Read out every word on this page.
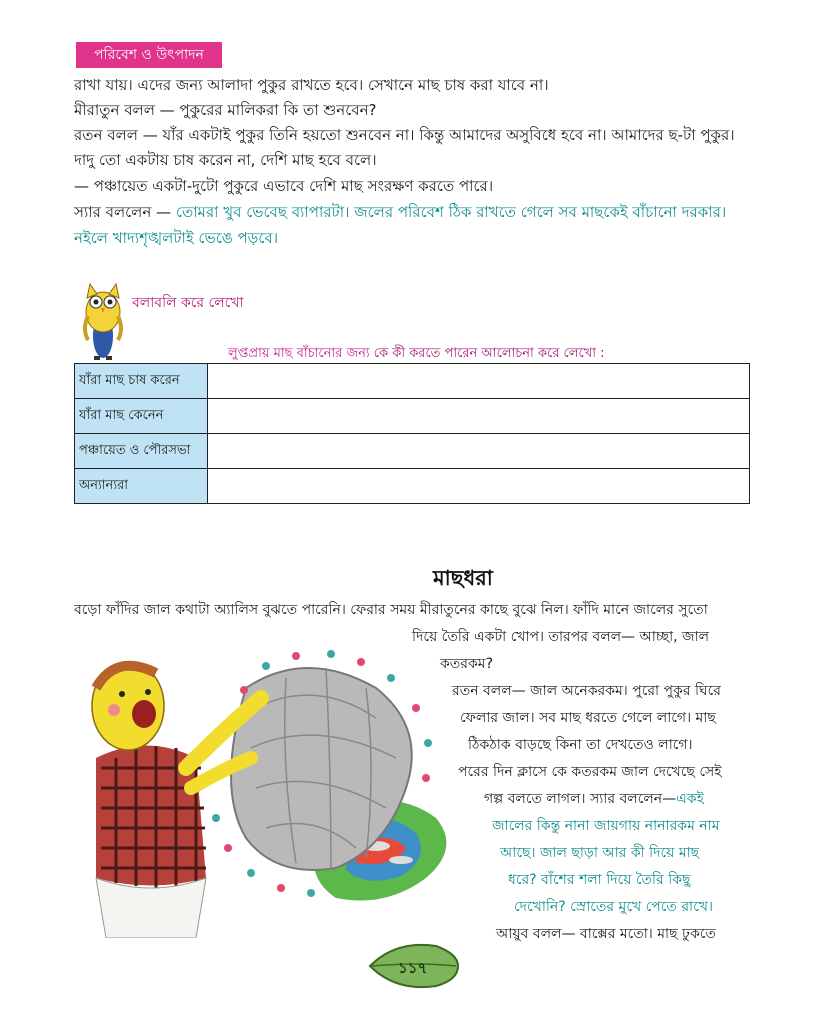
পরিবেশ ও উৎপাদন
রাখা যায়। এদের জন্য আলাদা পুকুর রাখতে হবে। সেখানে মাছ চাষ করা যাবে না।
মীরাতুন বলল — পুকুরের মালিকরা কি তা শুনবেন?
রতন বলল — যাঁর একটাই পুকুর তিনি হয়তো শুনবেন না। কিন্তু আমাদের অসুবিধে হবে না। আমাদের ছ-টা পুকুর।
দাদু তো একটায় চাষ করেন না, দেশি মাছ হবে বলে।
— পঞ্চায়েত একটা-দুটো পুকুরে এভাবে দেশি মাছ সংরক্ষণ করতে পারে।
স্যার বললেন — তোমরা খুব ভেবেছ ব্যাপারটা। জলের পরিবেশ ঠিক রাখতে গেলে সব মাছকেই বাঁচানো দরকার।
নইলে খাদ্যশৃঙ্খলটাই ভেঙে পড়বে।
বলাবলি করে লেখো
লুপ্তপ্রায় মাছ বাঁচানোর জন্য কে কী করতে পারেন আলোচনা করে লেখো :
যাঁরা মাছ চাষ করেন	
যাঁরা মাছ কেনেন	
পঞ্চায়েত ও পৌরসভা	
অন্যান্যরা	
মাছধরা
বড়ো ফাঁদির জাল কথাটা অ্যালিস বুঝতে পারেনি। ফেরার সময় মীরাতুনের কাছে বুঝে নিল। ফাঁদি মানে জালের সুতো
দিয়ে তৈরি একটা খোপ। তারপর বলল— আচ্ছা, জাল
কতরকম?
রতন বলল— জাল অনেকরকম। পুরো পুকুর ঘিরে
ফেলার জাল। সব মাছ ধরতে গেলে লাগে। মাছ
ঠিকঠাক বাড়ছে কিনা তা দেখতেও লাগে।
পরের দিন ক্লাসে কে কতরকম জাল দেখেছে সেই
গল্প বলতে লাগল। স্যার বললেন—একই
জালের কিন্তু নানা জায়গায় নানারকম নাম
আছে। জাল ছাড়া আর কী দিয়ে মাছ
ধরে? বাঁশের শলা দিয়ে তৈরি কিছু
দেখোনি? স্রোতের মুখে পেতে রাখে।
আয়ুব বলল— বাক্সের মতো। মাছ ঢুকতে
১১৭
